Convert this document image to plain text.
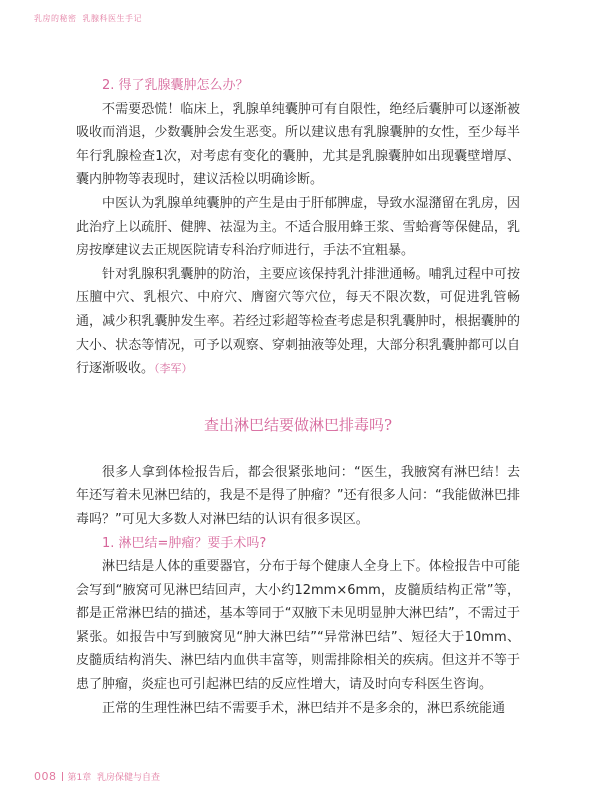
乳房的秘密 乳腺科医生手记

2. 得了乳腺囊肿怎么办？

不需要恐慌！临床上，乳腺单纯囊肿可有自限性，绝经后囊肿可以逐渐被吸收而消退，少数囊肿会发生恶变。所以建议患有乳腺囊肿的女性，至少每半年行乳腺检查1次，对考虑有变化的囊肿，尤其是乳腺囊肿如出现囊壁增厚、囊内肿物等表现时，建议活检以明确诊断。

中医认为乳腺单纯囊肿的产生是由于肝郁脾虚，导致水湿潴留在乳房，因此治疗上以疏肝、健脾、祛湿为主。不适合服用蜂王浆、雪蛤膏等保健品，乳房按摩建议去正规医院请专科治疗师进行，手法不宜粗暴。

针对乳腺积乳囊肿的防治，主要应该保持乳汁排泄通畅。哺乳过程中可按压膻中穴、乳根穴、中府穴、膺窗穴等穴位，每天不限次数，可促进乳管畅通，减少积乳囊肿发生率。若经过彩超等检查考虑是积乳囊肿时，根据囊肿的大小、状态等情况，可予以观察、穿刺抽液等处理，大部分积乳囊肿都可以自行逐渐吸收。（李军）

查出淋巴结要做淋巴排毒吗?

很多人拿到体检报告后，都会很紧张地问：“医生，我腋窝有淋巴结！去年还写着未见淋巴结的，我是不是得了肿瘤？”还有很多人问：“我能做淋巴排毒吗？”可见大多数人对淋巴结的认识有很多误区。

1. 淋巴结=肿瘤？要手术吗?

淋巴结是人体的重要器官，分布于每个健康人全身上下。体检报告中可能会写到“腋窝可见淋巴结回声，大小约12mm×6mm，皮髓质结构正常”等，都是正常淋巴结的描述，基本等同于“双腋下未见明显肿大淋巴结”，不需过于紧张。如报告中写到腋窝见“肿大淋巴结”“异常淋巴结”、短径大于10mm、皮髓质结构消失、淋巴结内血供丰富等，则需排除相关的疾病。但这并不等于患了肿瘤，炎症也可引起淋巴结的反应性增大，请及时向专科医生咨询。

正常的生理性淋巴结不需要手术，淋巴结并不是多余的，淋巴系统能通

008 第1章 乳房保健与自查
